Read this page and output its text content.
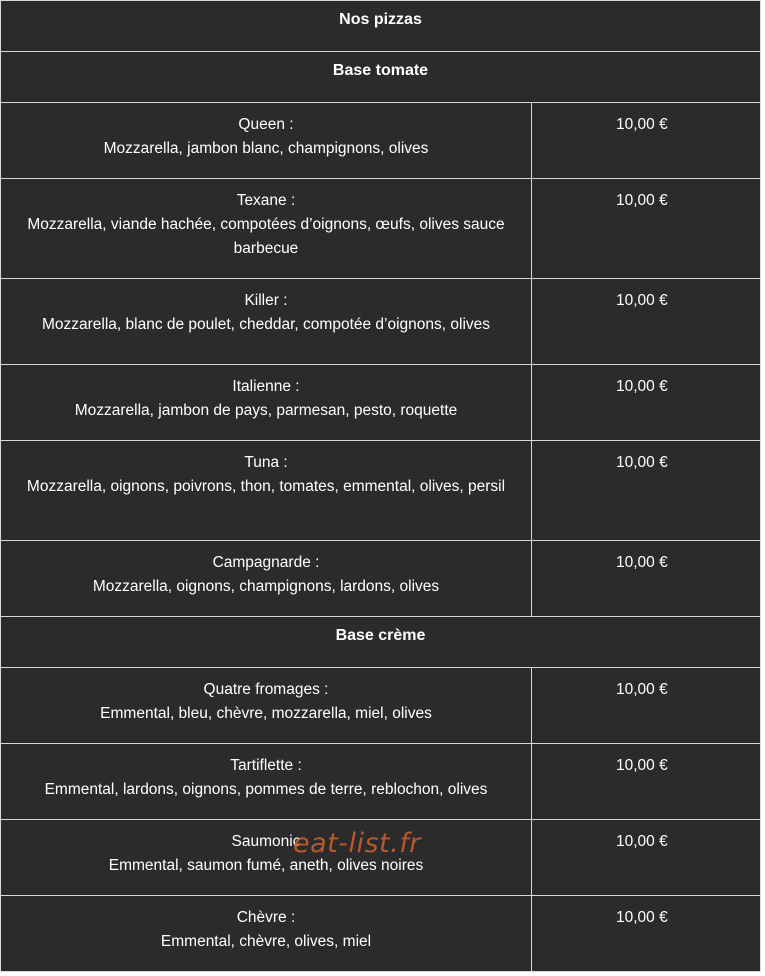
Nos pizzas	

Base tomate	

Queen :
Mozzarella, jambon blanc, champignons, olives	10,00 €

Texane :
Mozzarella, viande hachée, compotées d’oignons, œufs, olives sauce barbecue	10,00 €

Killer :
Mozzarella, blanc de poulet, cheddar, compotée d’oignons, olives	10,00 €

Italienne :
Mozzarella, jambon de pays, parmesan, pesto, roquette	10,00 €

Tuna :
Mozzarella, oignons, poivrons, thon, tomates, emmental, olives, persil	10,00 €

Campagnarde :
Mozzarella, oignons, champignons, lardons, olives	10,00 €

Base crème	

Quatre fromages :
Emmental, bleu, chèvre, mozzarella, miel, olives	10,00 €

Tartiflette :
Emmental, lardons, oignons, pommes de terre, reblochon, olives	10,00 €

Saumonic
Emmental, saumon fumé, aneth, olives noires	10,00 €

Chèvre :
Emmental, chèvre, olives, miel	10,00 €
eat-list.fr
